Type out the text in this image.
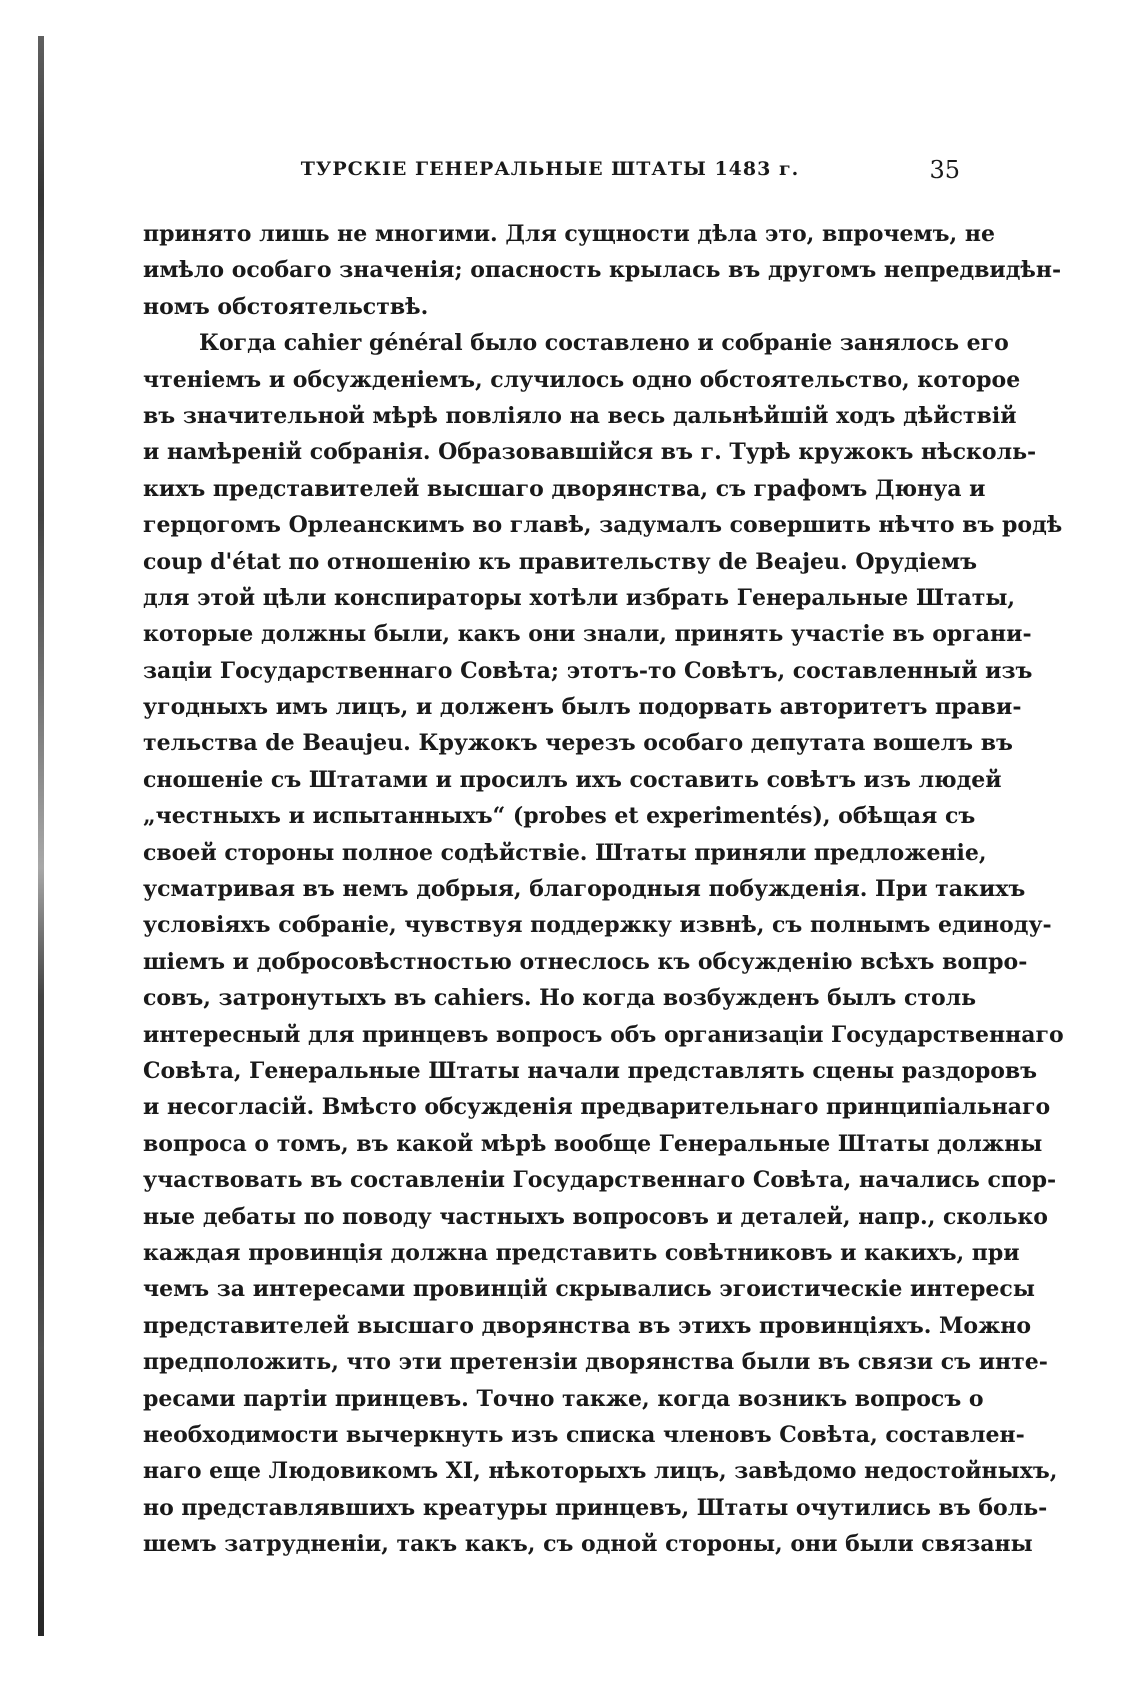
ТУРСКІЕ ГЕНЕРАЛЬНЫЕ ШТАТЫ 1483 г.	35
принято лишь не многими. Для сущности дѣла это, впрочемъ, не
имѣло особаго значенія; опасность крылась въ другомъ непредвидѣн-
номъ обстоятельствѣ.
Когда cahier général было составлено и собраніе занялось его
чтеніемъ и обсужденіемъ, случилось одно обстоятельство, которое
въ значительной мѣрѣ повліяло на весь дальнѣйшій ходъ дѣйствій
и намѣреній собранія. Образовавшійся въ г. Турѣ кружокъ нѣсколь-
кихъ представителей высшаго дворянства, съ графомъ Дюнуа и
герцогомъ Орлеанскимъ во главѣ, задумалъ совершить нѣчто въ родѣ
coup d'état по отношенію къ правительству de Beajeu. Орудіемъ
для этой цѣли конспираторы хотѣли избрать Генеральные Штаты,
которые должны были, какъ они знали, принять участіе въ органи-
заціи Государственнаго Совѣта; этотъ-то Совѣтъ, составленный изъ
угодныхъ имъ лицъ, и долженъ былъ подорвать авторитетъ прави-
тельства de Beaujeu. Кружокъ черезъ особаго депутата вошелъ въ
сношеніе съ Штатами и просилъ ихъ составить совѣтъ изъ людей
„честныхъ и испытанныхъ“ (probes et experimentés), обѣщая съ
своей стороны полное содѣйствіе. Штаты приняли предложеніе,
усматривая въ немъ добрыя, благородныя побужденія. При такихъ
условіяхъ собраніе, чувствуя поддержку извнѣ, съ полнымъ единоду-
шіемъ и добросовѣстностью отнеслось къ обсужденію всѣхъ вопро-
совъ, затронутыхъ въ cahiers. Но когда возбужденъ былъ столь
интересный для принцевъ вопросъ объ организаціи Государственнаго
Совѣта, Генеральные Штаты начали представлять сцены раздоровъ
и несогласій. Вмѣсто обсужденія предварительнаго принципіальнаго
вопроса о томъ, въ какой мѣрѣ вообще Генеральные Штаты должны
участвовать въ составленіи Государственнаго Совѣта, начались спор-
ные дебаты по поводу частныхъ вопросовъ и деталей, напр., сколько
каждая провинція должна представить совѣтниковъ и какихъ, при
чемъ за интересами провинцій скрывались эгоистическіе интересы
представителей высшаго дворянства въ этихъ провинціяхъ. Можно
предположить, что эти претензіи дворянства были въ связи съ инте-
ресами партіи принцевъ. Точно также, когда возникъ вопросъ о
необходимости вычеркнуть изъ списка членовъ Совѣта, составлен-
наго еще Людовикомъ XI, нѣкоторыхъ лицъ, завѣдомо недостойныхъ,
но представлявшихъ креатуры принцевъ, Штаты очутились въ боль-
шемъ затрудненіи, такъ какъ, съ одной стороны, они были связаны
